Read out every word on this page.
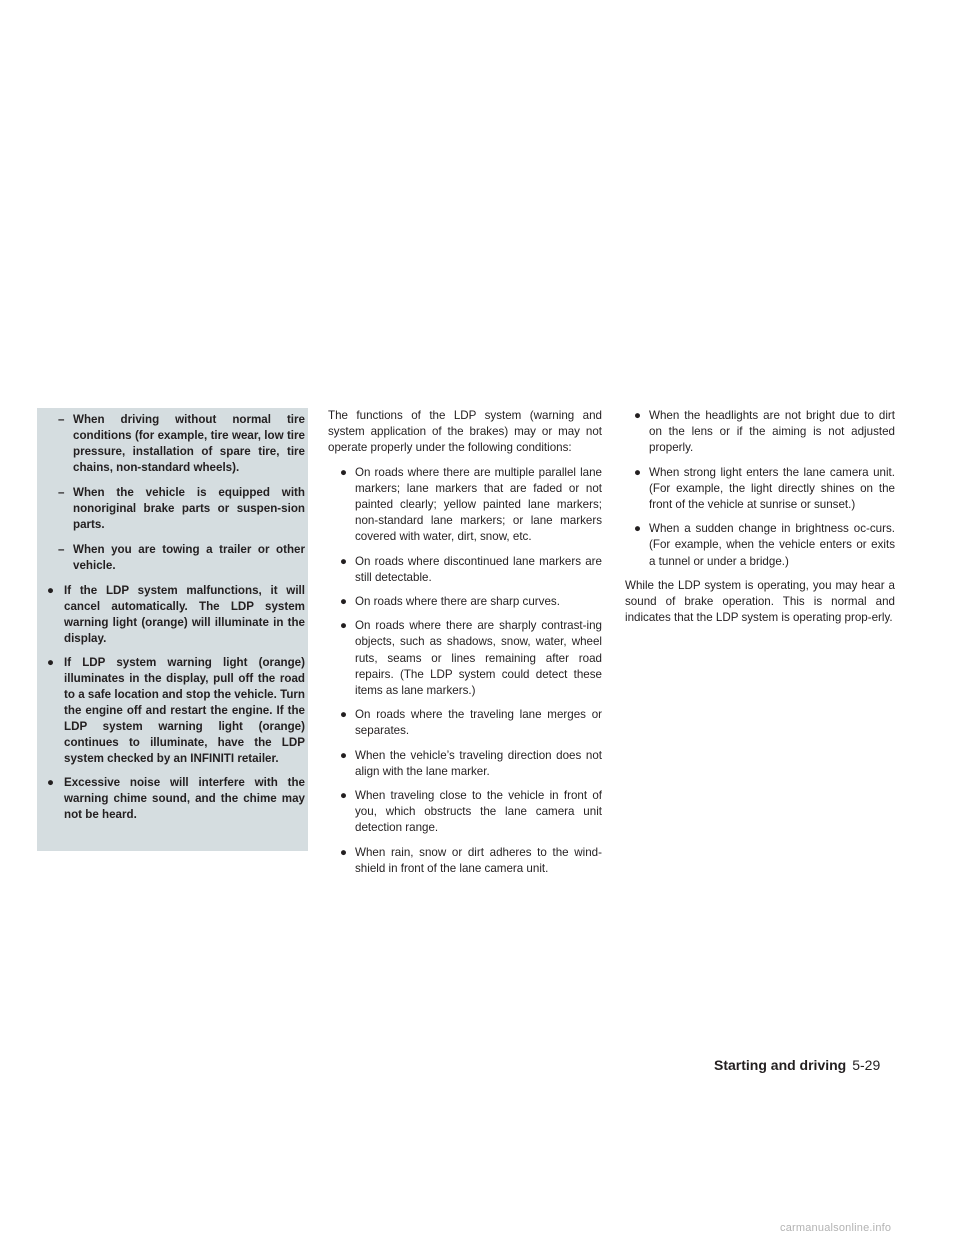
– When driving without normal tire conditions (for example, tire wear, low tire pressure, installation of spare tire, tire chains, non-standard wheels).
– When the vehicle is equipped with nonoriginal brake parts or suspen-sion parts.
– When you are towing a trailer or other vehicle.
● If the LDP system malfunctions, it will cancel automatically. The LDP system warning light (orange) will illuminate in the display.
● If LDP system warning light (orange) illuminates in the display, pull off the road to a safe location and stop the vehicle. Turn the engine off and restart the engine. If the LDP system warning light (orange) continues to illuminate, have the LDP system checked by an INFINITI retailer.
● Excessive noise will interfere with the warning chime sound, and the chime may not be heard.

The functions of the LDP system (warning and system application of the brakes) may or may not operate properly under the following conditions:

● On roads where there are multiple parallel lane markers; lane markers that are faded or not painted clearly; yellow painted lane markers; non-standard lane markers; or lane markers covered with water, dirt, snow, etc.
● On roads where discontinued lane markers are still detectable.
● On roads where there are sharp curves.
● On roads where there are sharply contrast-ing objects, such as shadows, snow, water, wheel ruts, seams or lines remaining after road repairs. (The LDP system could detect these items as lane markers.)
● On roads where the traveling lane merges or separates.
● When the vehicle’s traveling direction does not align with the lane marker.
● When traveling close to the vehicle in front of you, which obstructs the lane camera unit detection range.
● When rain, snow or dirt adheres to the wind-shield in front of the lane camera unit.
● When the headlights are not bright due to dirt on the lens or if the aiming is not adjusted properly.
● When strong light enters the lane camera unit. (For example, the light directly shines on the front of the vehicle at sunrise or sunset.)
● When a sudden change in brightness oc-curs. (For example, when the vehicle enters or exits a tunnel or under a bridge.)

While the LDP system is operating, you may hear a sound of brake operation. This is normal and indicates that the LDP system is operating prop-erly.

Starting and driving 5-29
carmanualsonline.info
